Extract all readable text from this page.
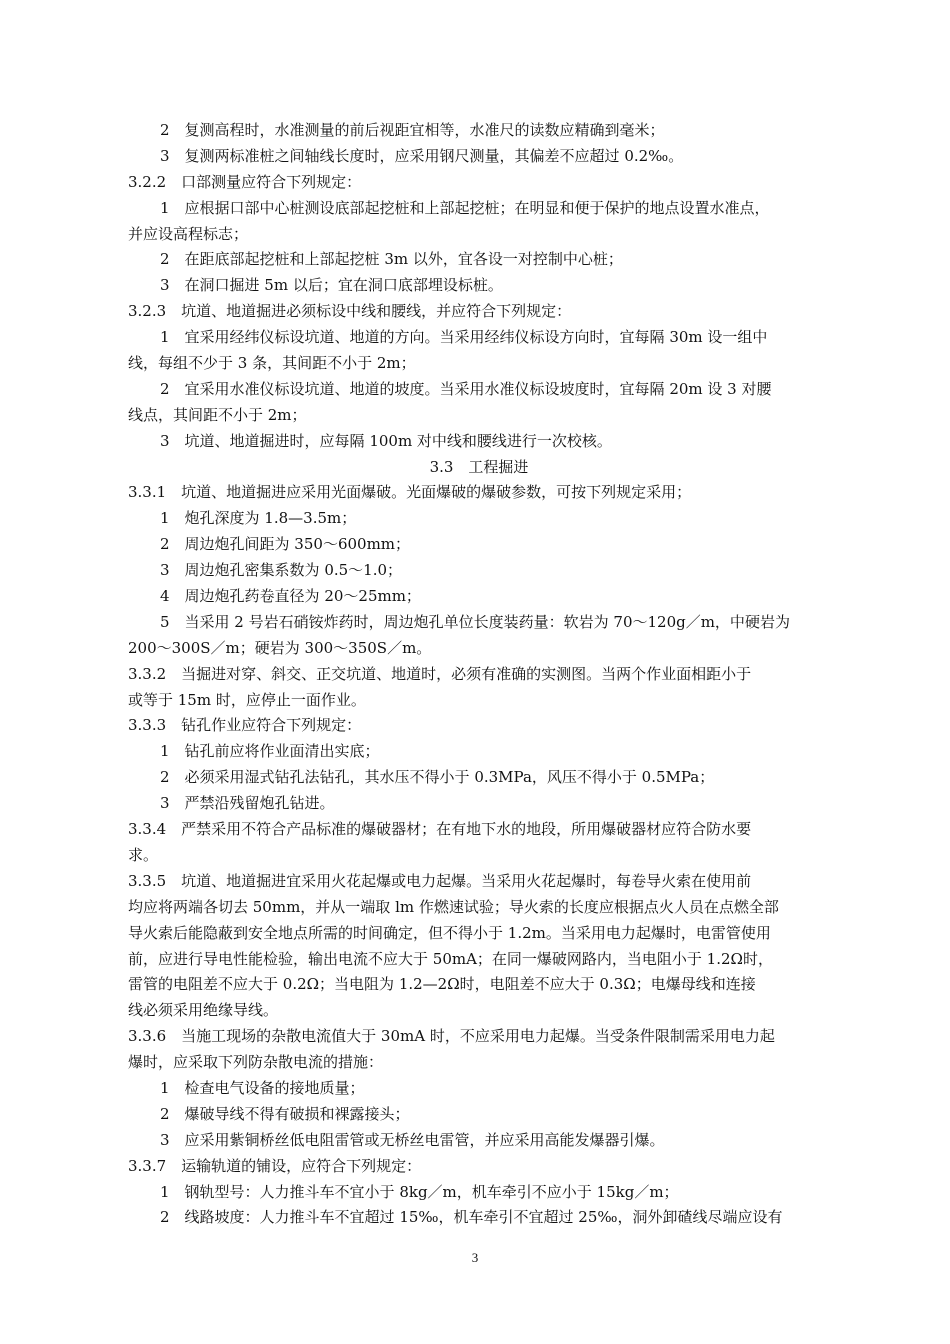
2　复测高程时，水准测量的前后视距宜相等，水准尺的读数应精确到毫米；
3　复测两标准桩之间轴线长度时，应采用钢尺测量，其偏差不应超过 0.2‰。
3.2.2　口部测量应符合下列规定：
1　应根据口部中心桩测设底部起挖桩和上部起挖桩；在明显和便于保护的地点设置水准点，
并应设高程标志；
2　在距底部起挖桩和上部起挖桩 3m 以外，宜各设一对控制中心桩；
3　在洞口掘进 5m 以后；宜在洞口底部埋设标桩。
3.2.3　坑道、地道掘进必须标设中线和腰线，并应符合下列规定：
1　宜采用经纬仪标设坑道、地道的方向。当采用经纬仪标设方向时，宜每隔 30m 设一组中
线，每组不少于 3 条，其间距不小于 2m；
2　宜采用水准仪标设坑道、地道的坡度。当采用水准仪标设坡度时，宜每隔 20m 设 3 对腰
线点，其间距不小于 2m；
3　坑道、地道掘进时，应每隔 100m 对中线和腰线进行一次校核。
3.3　工程掘进
3.3.1　坑道、地道掘进应采用光面爆破。光面爆破的爆破参数，可按下列规定采用；
1　炮孔深度为 1.8—3.5m；
2　周边炮孔间距为 350～600mm；
3　周边炮孔密集系数为 0.5～1.0；
4　周边炮孔药卷直径为 20～25mm；
5　当采用 2 号岩石硝铵炸药时，周边炮孔单位长度装药量：软岩为 70～120g／m，中硬岩为
200～300S／m；硬岩为 300～350S／m。
3.3.2　当掘进对穿、斜交、正交坑道、地道时，必须有准确的实测图。当两个作业面相距小于
或等于 15m 时，应停止一面作业。
3.3.3　钻孔作业应符合下列规定：
1　钻孔前应将作业面清出实底；
2　必须采用湿式钻孔法钻孔，其水压不得小于 0.3MPa，风压不得小于 0.5MPa；
3　严禁沿残留炮孔钻进。
3.3.4　严禁采用不符合产品标准的爆破器材；在有地下水的地段，所用爆破器材应符合防水要
求。
3.3.5　坑道、地道掘进宜采用火花起爆或电力起爆。当采用火花起爆时，每卷导火索在使用前
均应将两端各切去 50mm，并从一端取 lm 作燃速试验；导火索的长度应根据点火人员在点燃全部
导火索后能隐蔽到安全地点所需的时间确定，但不得小于 1.2m。当采用电力起爆时，电雷管使用
前，应进行导电性能检验，输出电流不应大于 50mA；在同一爆破网路内，当电阻小于 1.2Ω时，
雷管的电阻差不应大于 0.2Ω；当电阻为 1.2—2Ω时，电阻差不应大于 0.3Ω；电爆母线和连接
线必须采用绝缘导线。
3.3.6　当施工现场的杂散电流值大于 30mA 时，不应采用电力起爆。当受条件限制需采用电力起
爆时，应采取下列防杂散电流的措施：
1　检查电气设备的接地质量；
2　爆破导线不得有破损和裸露接头；
3　应采用紫铜桥丝低电阻雷管或无桥丝电雷管，并应采用高能发爆器引爆。
3.3.7　运输轨道的铺设，应符合下列规定：
1　钢轨型号：人力推斗车不宜小于 8kg／m，机车牵引不应小于 15kg／m；
2　线路坡度：人力推斗车不宜超过 15‰，机车牵引不宜超过 25‰，洞外卸碴线尽端应设有
3
